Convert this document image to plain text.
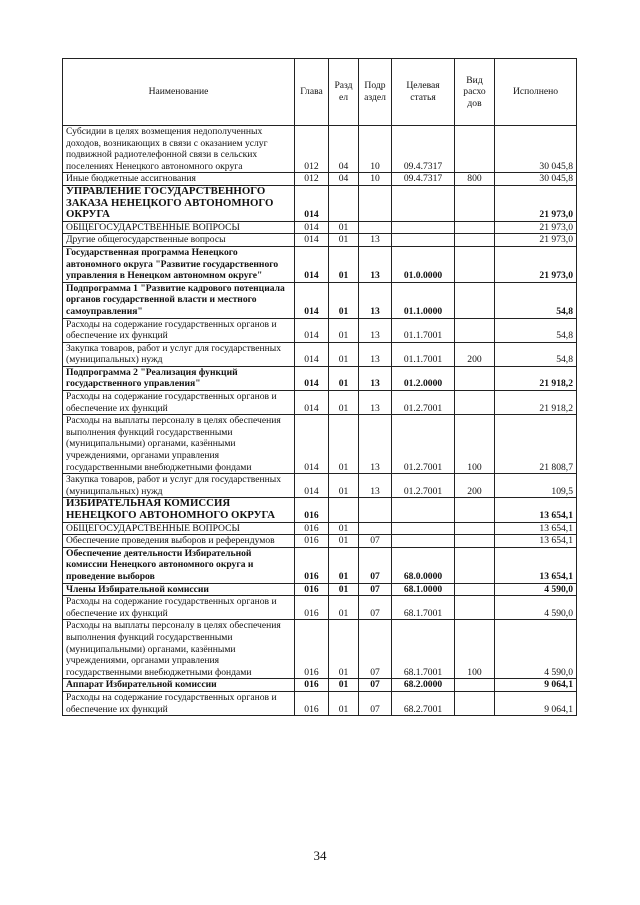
Наименование	Глава	Разд ел	Подр аздел	Целевая статья	Вид расхо дов	Исполнено
Субсидии в целях возмещения недополученных доходов, возникающих в связи с оказанием услуг подвижной радиотелефонной связи в сельских поселениях Ненецкого автономного округа	012	04	10	09.4.7317		30 045,8
Иные бюджетные ассигнования	012	04	10	09.4.7317	800	30 045,8
УПРАВЛЕНИЕ ГОСУДАРСТВЕННОГО ЗАКАЗА НЕНЕЦКОГО АВТОНОМНОГО ОКРУГА	014					21 973,0
ОБЩЕГОСУДАРСТВЕННЫЕ ВОПРОСЫ	014	01				21 973,0
Другие общегосударственные вопросы	014	01	13			21 973,0
Государственная программа Ненецкого автономного округа "Развитие государственного управления в Ненецком автономном округе"	014	01	13	01.0.0000		21 973,0
Подпрограмма 1 "Развитие кадрового потенциала органов государственной власти и местного самоуправления"	014	01	13	01.1.0000		54,8
Расходы на содержание государственных органов и обеспечение их функций	014	01	13	01.1.7001		54,8
Закупка товаров, работ и услуг для государственных (муниципальных) нужд	014	01	13	01.1.7001	200	54,8
Подпрограмма 2 "Реализация функций государственного управления"	014	01	13	01.2.0000		21 918,2
Расходы на содержание государственных органов и обеспечение их функций	014	01	13	01.2.7001		21 918,2
Расходы на выплаты персоналу в целях обеспечения выполнения функций государственными (муниципальными) органами, казёнными учреждениями, органами управления государственными внебюджетными фондами	014	01	13	01.2.7001	100	21 808,7
Закупка товаров, работ и услуг для государственных (муниципальных) нужд	014	01	13	01.2.7001	200	109,5
ИЗБИРАТЕЛЬНАЯ КОМИССИЯ НЕНЕЦКОГО АВТОНОМНОГО ОКРУГА	016					13 654,1
ОБЩЕГОСУДАРСТВЕННЫЕ ВОПРОСЫ	016	01				13 654,1
Обеспечение проведения выборов и референдумов	016	01	07			13 654,1
Обеспечение деятельности Избирательной комиссии Ненецкого автономного округа и проведение выборов	016	01	07	68.0.0000		13 654,1
Члены Избирательной комиссии	016	01	07	68.1.0000		4 590,0
Расходы на содержание государственных органов и обеспечение их функций	016	01	07	68.1.7001		4 590,0
Расходы на выплаты персоналу в целях обеспечения выполнения функций государственными (муниципальными) органами, казёнными учреждениями, органами управления государственными внебюджетными фондами	016	01	07	68.1.7001	100	4 590,0
Аппарат Избирательной комиссии	016	01	07	68.2.0000		9 064,1
Расходы на содержание государственных органов и обеспечение их функций	016	01	07	68.2.7001		9 064,1
34
